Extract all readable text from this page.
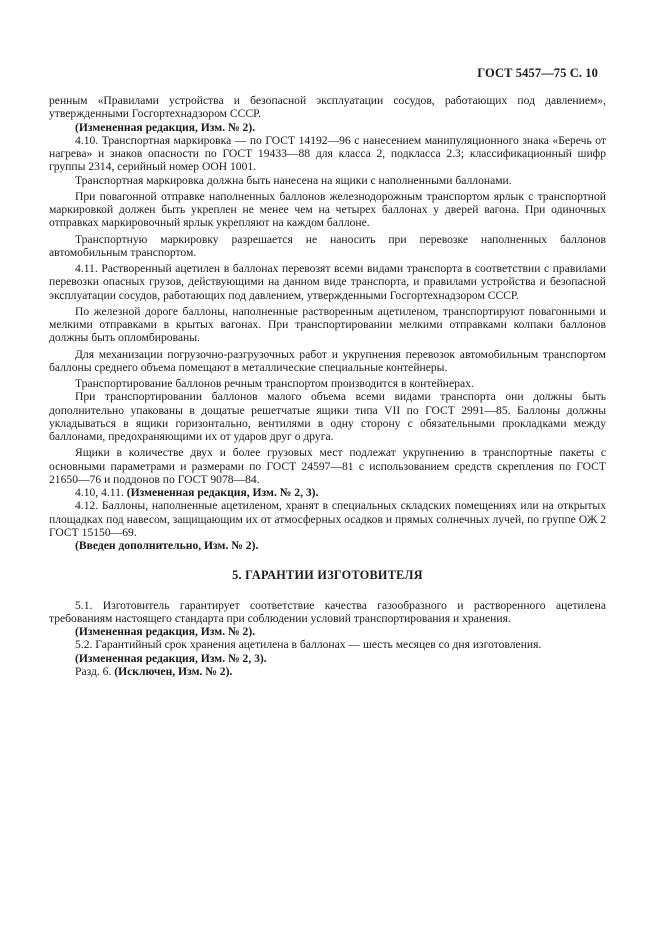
ГОСТ 5457—75 С. 10

ренным «Правилами устройства и безопасной эксплуатации сосудов, работающих под давлением», утвержденными Госгортехнадзором СССР.

(Измененная редакция, Изм. № 2).

4.10. Транспортная маркировка — по ГОСТ 14192—96 с нанесением манипуляционного знака «Беречь от нагрева» и знаков опасности по ГОСТ 19433—88 для класса 2, подкласса 2.3; классификационный шифр группы 2314, серийный номер ООН 1001.

Транспортная маркировка должна быть нанесена на ящики с наполненными баллонами.

При повагонной отправке наполненных баллонов железнодорожным транспортом ярлык с транспортной маркировкой должен быть укреплен не менее чем на четырех баллонах у дверей вагона. При одиночных отправках маркировочный ярлык укрепляют на каждом баллоне.

Транспортную маркировку разрешается не наносить при перевозке наполненных баллонов автомобильным транспортом.

4.11. Растворенный ацетилен в баллонах перевозят всеми видами транспорта в соответствии с правилами перевозки опасных грузов, действующими на данном виде транспорта, и правилами устройства и безопасной эксплуатации сосудов, работающих под давлением, утвержденными Госгортехнадзором СССР.

По железной дороге баллоны, наполненные растворенным ацетиленом, транспортируют повагонными и мелкими отправками в крытых вагонах. При транспортировании мелкими отправками колпаки баллонов должны быть опломбированы.

Для механизации погрузочно-разгрузочных работ и укрупнения перевозок автомобильным транспортом баллоны среднего объема помещают в металлические специальные контейнеры.

Транспортирование баллонов речным транспортом производится в контейнерах.

При транспортировании баллонов малого объема всеми видами транспорта они должны быть дополнительно упакованы в дощатые решетчатые ящики типа VII по ГОСТ 2991—85. Баллоны должны укладываться в ящики горизонтально, вентилями в одну сторону с обязательными прокладками между баллонами, предохраняющими их от ударов друг о друга.

Ящики в количестве двух и более грузовых мест подлежат укрупнению в транспортные пакеты с основными параметрами и размерами по ГОСТ 24597—81 с использованием средств скрепления по ГОСТ 21650—76 и поддонов по ГОСТ 9078—84.

4.10, 4.11. (Измененная редакция, Изм. № 2, 3).

4.12. Баллоны, наполненные ацетиленом, хранят в специальных складских помещениях или на открытых площадках под навесом, защищающим их от атмосферных осадков и прямых солнечных лучей, по группе ОЖ 2 ГОСТ 15150—69.

(Введен дополнительно, Изм. № 2).

5. ГАРАНТИИ ИЗГОТОВИТЕЛЯ

5.1. Изготовитель гарантирует соответствие качества газообразного и растворенного ацетилена требованиям настоящего стандарта при соблюдении условий транспортирования и хранения.

(Измененная редакция, Изм. № 2).

5.2. Гарантийный срок хранения ацетилена в баллонах — шесть месяцев со дня изготовления.

(Измененная редакция, Изм. № 2, 3).

Разд. 6. (Исключен, Изм. № 2).
